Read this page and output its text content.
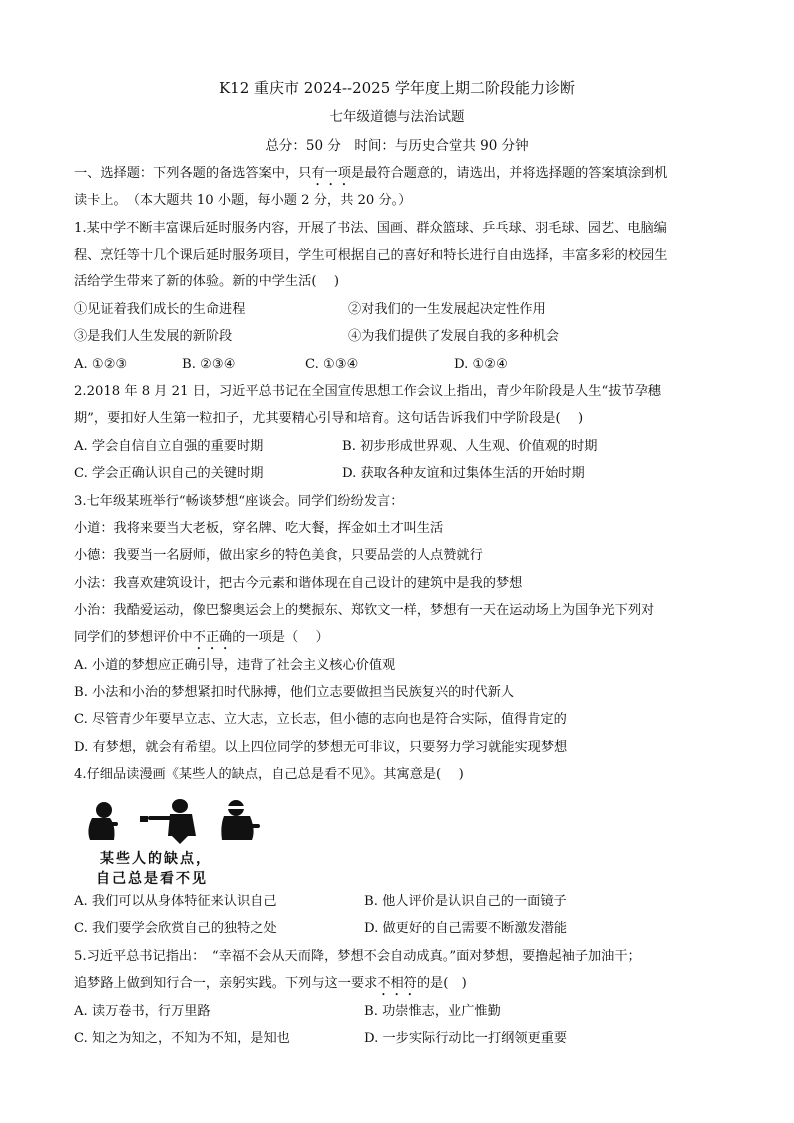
K12 重庆市 2024--2025 学年度上期二阶段能力诊断
七年级道德与法治试题
总分：50 分　时间：与历史合堂共 90 分钟
一、选择题：下列各题的备选答案中，只有一项是最符合题意的，请选出，并将选择题的答案填涂到机
读卡上。　（本大题共 10 小题，每小题 2 分，共 20 分。）
1.某中学不断丰富课后延时服务内容，开展了书法、国画、群众篮球、乒乓球、羽毛球、园艺、电脑编
程、烹饪等十几个课后延时服务项目，学生可根据自己的喜好和特长进行自由选择，丰富多彩的校园生
活给学生带来了新的体验。新的中学生活(　 )
①见证着我们成长的生命进程	②对我们的一生发展起决定性作用
③是我们人生发展的新阶段	④为我们提供了发展自我的多种机会
A. ①②③	B. ②③④	C. ①③④	D. ①②④
2.2018 年 8 月 21 日，习近平总书记在全国宣传思想工作会议上指出，青少年阶段是人生“拔节孕穗
期”，要扣好人生第一粒扣子，尤其要精心引导和培育。这句话告诉我们中学阶段是(　 )
A. 学会自信自立自强的重要时期	B. 初步形成世界观、人生观、价值观的时期
C. 学会正确认识自己的关键时期	D. 获取各种友谊和过集体生活的开始时期
3.七年级某班举行“畅谈梦想“座谈会。同学们纷纷发言：
小道：我将来要当大老板，穿名牌、吃大餐，挥金如土才叫生活
小德：我要当一名厨师，做出家乡的特色美食，只要品尝的人点赞就行
小法：我喜欢建筑设计，把古今元素和谐体现在自己设计的建筑中是我的梦想
小治：我酷爱运动，像巴黎奥运会上的樊振东、郑钦文一样，梦想有一天在运动场上为国争光下列对
同学们的梦想评价中不正确的一项是（　 ）
A. 小道的梦想应正确引导，违背了社会主义核心价值观
B. 小法和小治的梦想紧扣时代脉搏，他们立志要做担当民族复兴的时代新人
C. 尽管青少年要早立志、立大志，立长志，但小德的志向也是符合实际，值得肯定的
D. 有梦想，就会有希望。以上四位同学的梦想无可非议，只要努力学习就能实现梦想
4.仔细品读漫画《某些人的缺点，自己总是看不见》。其寓意是(　 )
某些人的缺点，
自己总是看不见
A. 我们可以从身体特征来认识自己	B. 他人评价是认识自己的一面镜子
C. 我们要学会欣赏自己的独特之处	D. 做更好的自己需要不断激发潜能
5.习近平总书记指出：　“幸福不会从天而降，梦想不会自动成真。”面对梦想，要撸起袖子加油干；
追梦路上做到知行合一，亲躬实践。下列与这一要求不相符的是(　)
A. 读万卷书，行万里路	B. 功崇惟志，业广惟勤
C. 知之为知之，不知为不知，是知也	D. 一步实际行动比一打纲领更重要
